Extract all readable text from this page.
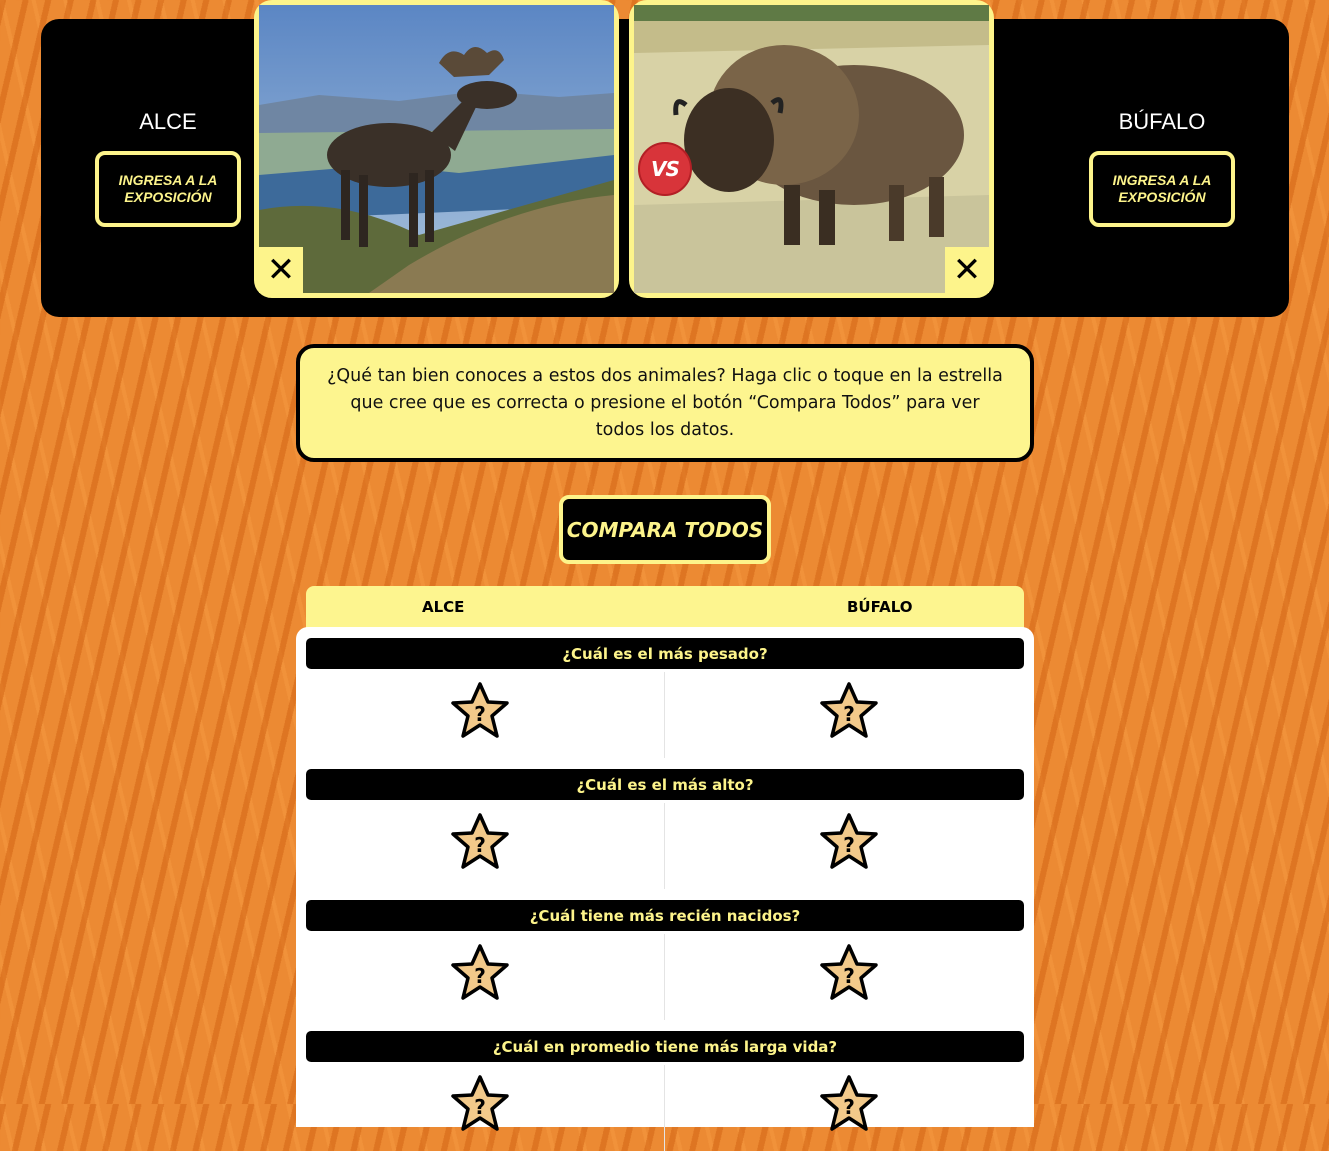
ALCE
INGRESA A LA EXPOSICIÓN
BÚFALO
INGRESA A LA EXPOSICIÓN
✕	✕
VS
¿Qué tan bien conoces a estos dos animales? Haga clic o toque en la estrella que cree que es correcta o presione el botón “Compara Todos” para ver todos los datos.
COMPARA TODOS
ALCE	BÚFALO
¿Cuál es el más pesado?
?	?
¿Cuál es el más alto?
?	?
¿Cuál tiene más recién nacidos?
?	?
¿Cuál en promedio tiene más larga vida?
?	?
